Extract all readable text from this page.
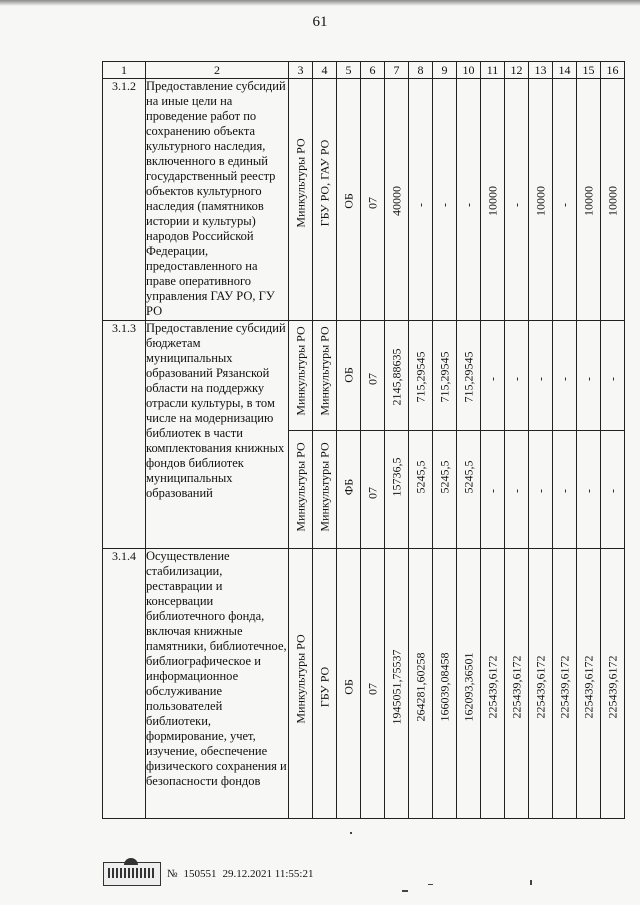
61
1	2	3	4	5	6	7	8	9	10	11	12	13	14	15	16
3.1.2	Предоставление субсидий на иные цели на проведение работ по сохранению объекта культурного наследия, включенного в единый государственный реестр объектов культурного наследия (памятников истории и культуры) народов Российской Федерации, предоставленного на праве оперативного управления ГАУ РО, ГУ РО	Минкультуры РО	ГБУ РО, ГАУ РО	ОБ	07	40000	-	-	-	10000	-	10000	-	10000	10000

3.1.3	Предоставление субсидий бюджетам муниципальных образований Рязанской области на поддержку отрасли культуры, в том числе на модернизацию библиотек в части комплектования книжных фондов библиотек муниципальных образований	Минкультуры РО	Минкультуры РО	ОБ	07	2145,88635	715,29545	715,29545	715,29545	-	-	-	-	-	-

		Минкультуры РО	Минкультуры РО	ФБ	07	15736,5	5245,5	5245,5	5245,5	-	-	-	-	-	-

3.1.4	Осуществление стабилизации, реставрации и консервации библиотечного фонда, включая книжные памятники, библиотечное, библиографическое и информационное обслуживание пользователей библиотеки, формирование, учет, изучение, обеспечение физического сохранения и безопасности фондов	Минкультуры РО	ГБУ РО	ОБ	07	1945051,75537	264281,60258	166039,08458	162093,36501	225439,6172	225439,6172	225439,6172	225439,6172	225439,6172	225439,6172
№ 150551 29.12.2021 11:55:21
